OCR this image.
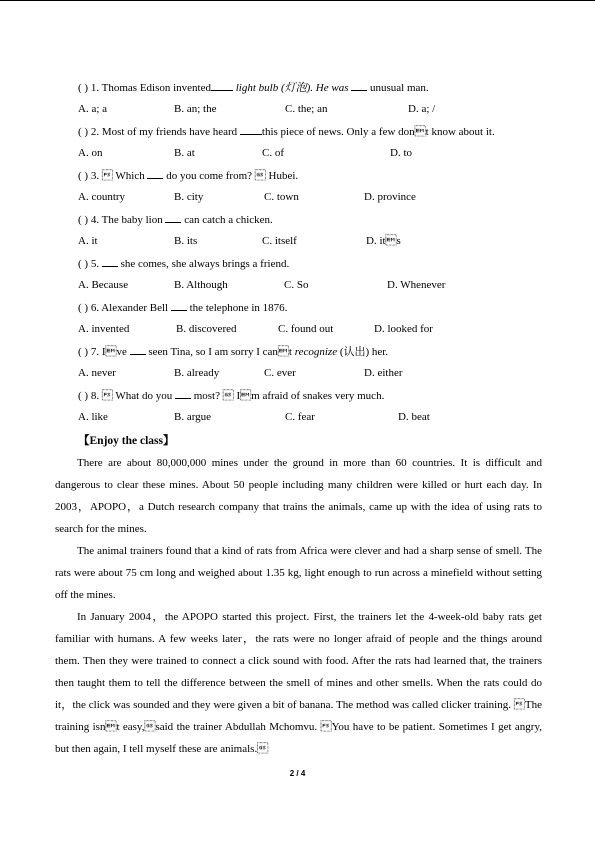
( ) 1. Thomas Edison invented light bulb (灯泡). He was unusual man.
A. a; a	B. an; the	C. the; an	D. a; /
( ) 2. Most of my friends have heard this piece of news. Only a few dont know about it.
A. on	B. at	C. of	D. to
( ) 3.  Which do you come from?  Hubei.
A. country	B. city	C. town	D. province
( ) 4. The baby lion can catch a chicken.
A. it	B. its	C. itself	D. its
( ) 5. she comes, she always brings a friend.
A. Because	B. Although	C. So	D. Whenever
( ) 6. Alexander Bell the telephone in 1876.
A. invented	B. discovered	C. found out	D. looked for
( ) 7. Ive seen Tina, so I am sorry I cant recognize (认出) her.
A. never	B. already	C. ever	D. either
( ) 8.  What do you most?  Im afraid of snakes very much.
A. like	B. argue	C. fear	D. beat
【Enjoy the class】

There are about 80,000,000 mines under the ground in more than 60 countries. It is difficult and dangerous to clear these mines. About 50 people including many children were killed or hurt each day. In 2003，APOPO，a Dutch research company that trains the animals, came up with the idea of using rats to search for the mines.

The animal trainers found that a kind of rats from Africa were clever and had a sharp sense of smell. The rats were about 75 cm long and weighed about 1.35 kg, light enough to run across a minefield without setting off the mines.

In January 2004，the APOPO started this project. First, the trainers let the 4-week-old baby rats get familiar with humans. A few weeks later，the rats were no longer afraid of people and the things around them. Then they were trained to connect a click sound with food. After the rats had learned that, the trainers then taught them to tell the difference between the smell of mines and other smells. When the rats could do it，the click was sounded and they were given a bit of banana. The method was called clicker training. The training isnt easy,said the trainer Abdullah Mchomvu. You have to be patient. Sometimes I get angry, but then again, I tell myself these are animals.

2 / 4
